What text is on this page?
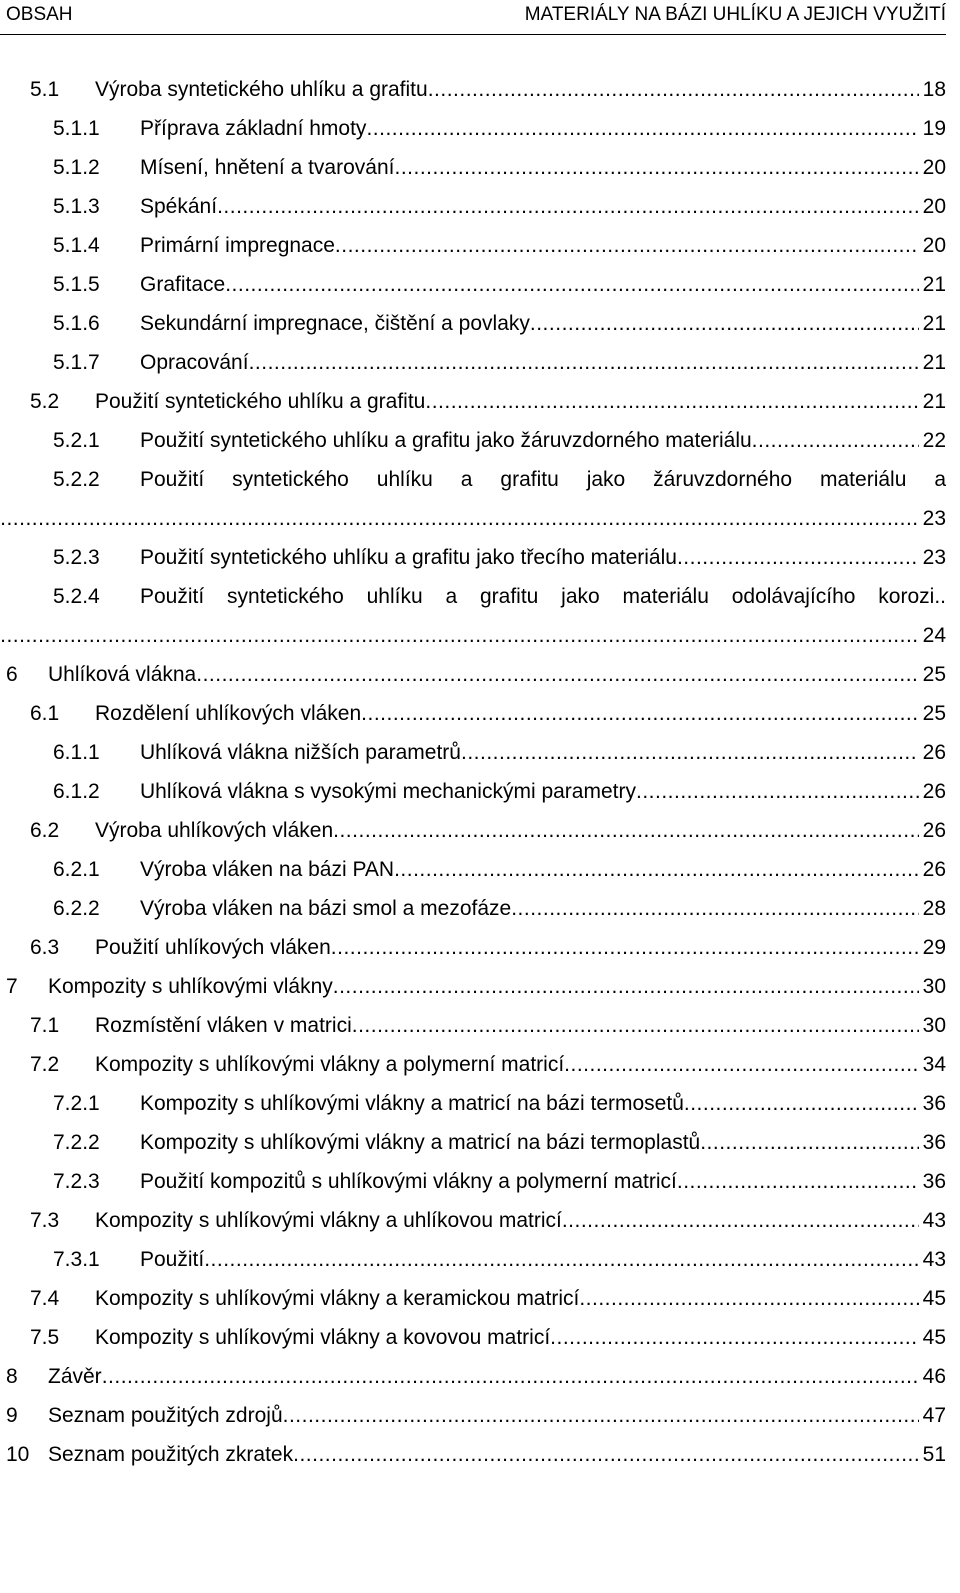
OBSAH	MATERIÁLY NA BÁZI UHLÍKU A JEJICH VYUŽITÍ
5.1 Výroba syntetického uhlíku a grafitu .....	18
5.1.1 Příprava základní hmoty .....	19
5.1.2 Mísení, hnětení a tvarování .....	20
5.1.3 Spékání .....	20
5.1.4 Primární impregnace .....	20
5.1.5 Grafitace .....	21
5.1.6 Sekundární impregnace, čištění a povlaky .....	21
5.1.7 Opracování .....	21
5.2 Použití syntetického uhlíku a grafitu .....	21
5.2.1 Použití syntetického uhlíku a grafitu jako žáruvzdorného materiálu .....	22
5.2.2 Použití syntetického uhlíku a grafitu jako žáruvzdorného materiálu a
.....
23
5.2.3 Použití syntetického uhlíku a grafitu jako třecího materiálu .....	23
5.2.4 Použití syntetického uhlíku a grafitu jako materiálu odolávajícího korozi..
.....
24
6 Uhlíková vlákna .....	25
6.1 Rozdělení uhlíkových vláken .....	25
6.1.1 Uhlíková vlákna nižších parametrů .....	26
6.1.2 Uhlíková vlákna s vysokými mechanickými parametry .....	26
6.2 Výroba uhlíkových vláken .....	26
6.2.1 Výroba vláken na bázi PAN .....	26
6.2.2 Výroba vláken na bázi smol a mezofáze .....	28
6.3 Použití uhlíkových vláken .....	29
7 Kompozity s uhlíkovými vlákny .....	30
7.1 Rozmístění vláken v matrici .....	30
7.2 Kompozity s uhlíkovými vlákny a polymerní matricí .....	34
7.2.1 Kompozity s uhlíkovými vlákny a matricí na bázi termosetů .....	36
7.2.2 Kompozity s uhlíkovými vlákny a matricí na bázi termoplastů .....	36
7.2.3 Použití kompozitů s uhlíkovými vlákny a polymerní matricí .....	36
7.3 Kompozity s uhlíkovými vlákny a uhlíkovou matricí .....	43
7.3.1 Použití .....	43
7.4 Kompozity s uhlíkovými vlákny a keramickou matricí .....	45
7.5 Kompozity s uhlíkovými vlákny a kovovou matricí .....	45
8 Závěr .....	46
9 Seznam použitých zdrojů .....	47
10 Seznam použitých zkratek .....	51
